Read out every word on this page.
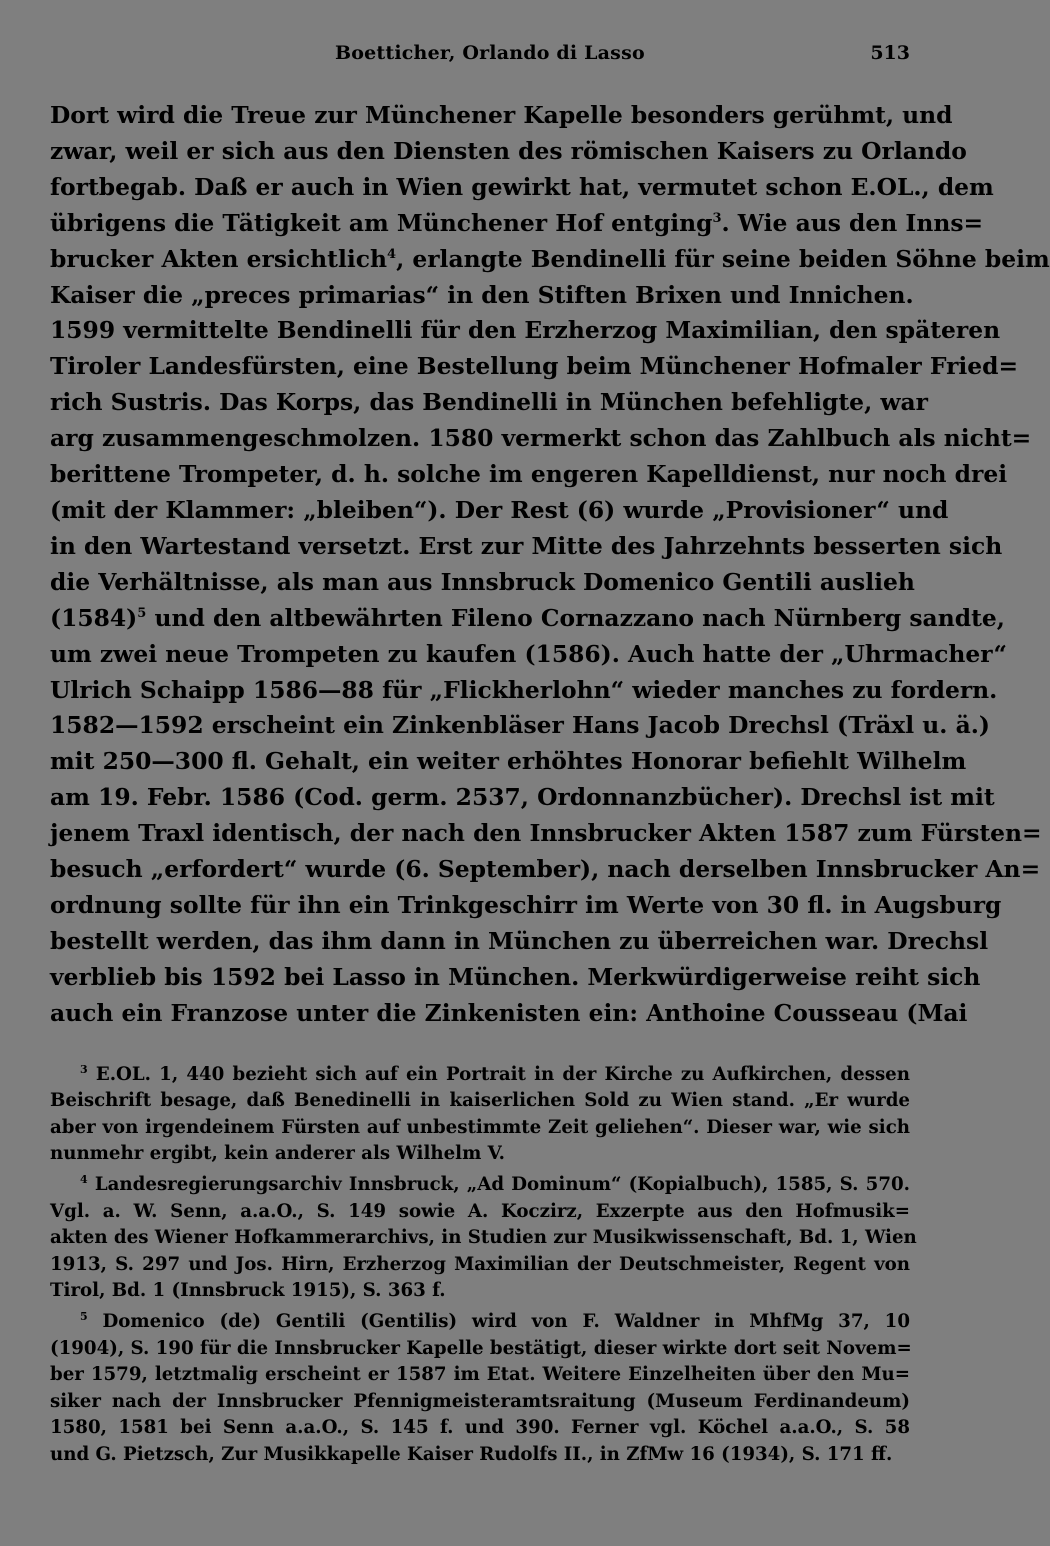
Boetticher, Orlando di Lasso	513
Dort wird die Treue zur Münchener Kapelle besonders gerühmt, und
zwar, weil er sich aus den Diensten des römischen Kaisers zu Orlando
fortbegab. Daß er auch in Wien gewirkt hat, vermutet schon E.OL., dem
übrigens die Tätigkeit am Münchener Hof entging$^3$. Wie aus den Inns=
brucker Akten ersichtlich$^4$, erlangte Bendinelli für seine beiden Söhne beim
Kaiser die „preces primarias“ in den Stiften Brixen und Innichen.
1599 vermittelte Bendinelli für den Erzherzog Maximilian, den späteren
Tiroler Landesfürsten, eine Bestellung beim Münchener Hofmaler Fried=
rich Sustris. Das Korps, das Bendinelli in München befehligte, war
arg zusammengeschmolzen. 1580 vermerkt schon das Zahlbuch als nicht=
berittene Trompeter, d. h. solche im engeren Kapelldienst, nur noch drei
(mit der Klammer: „bleiben“). Der Rest (6) wurde „Provisioner“ und
in den Wartestand versetzt. Erst zur Mitte des Jahrzehnts besserten sich
die Verhältnisse, als man aus Innsbruck Domenico Gentili auslieh
$(1584)^5$ und den altbewährten Fileno Cornazzano nach Nürnberg sandte,
um zwei neue Trompeten zu kaufen (1586). Auch hatte der „Uhrmacher“
Ulrich Schaipp 1586—88 für „Flickherlohn“ wieder manches zu fordern.
1582—1592 erscheint ein Zinkenbläser Hans Jacob Drechsl (Träxl u. ä.)
mit 250—300 fl. Gehalt, ein weiter erhöhtes Honorar befiehlt Wilhelm
am 19. Febr. 1586 (Cod. germ. 2537, Ordonnanzbücher). Drechsl ist mit
jenem Traxl identisch, der nach den Innsbrucker Akten 1587 zum Fürsten=
besuch „erfordert“ wurde (6. September), nach derselben Innsbrucker An=
ordnung sollte für ihn ein Trinkgeschirr im Werte von 30 fl. in Augsburg
bestellt werden, das ihm dann in München zu überreichen war. Drechsl
verblieb bis 1592 bei Lasso in München. Merkwürdigerweise reiht sich
auch ein Franzose unter die Zinkenisten ein: Anthoine Cousseau (Mai
$^3$ E.OL. 1, 440 bezieht sich auf ein Portrait in der Kirche zu Aufkirchen, dessen
Beischrift besage, daß Benedinelli in kaiserlichen Sold zu Wien stand. „Er wurde
aber von irgendeinem Fürsten auf unbestimmte Zeit geliehen“. Dieser war, wie sich
nunmehr ergibt, kein anderer als Wilhelm V.
$^4$ Landesregierungsarchiv Innsbruck, „Ad Dominum“ (Kopialbuch), 1585, S. 570.
Vgl. a. W. Senn, a.a.O., S. 149 sowie A. Koczirz, Exzerpte aus den Hofmusik=
akten des Wiener Hofkammerarchivs, in Studien zur Musikwissenschaft, Bd. 1, Wien
1913, S. 297 und Jos. Hirn, Erzherzog Maximilian der Deutschmeister, Regent von
Tirol, Bd. 1 (Innsbruck 1915), S. 363 f.
$^5$ Domenico (de) Gentili (Gentilis) wird von F. Waldner in MhfMg 37, 10
(1904), S. 190 für die Innsbrucker Kapelle bestätigt, dieser wirkte dort seit Novem=
ber 1579, letztmalig erscheint er 1587 im Etat. Weitere Einzelheiten über den Mu=
siker nach der Innsbrucker Pfennigmeisteramtsraitung (Museum Ferdinandeum)
1580, 1581 bei Senn a.a.O., S. 145 f. und 390. Ferner vgl. Köchel a.a.O., S. 58
und G. Pietzsch, Zur Musikkapelle Kaiser Rudolfs II., in ZfMw 16 (1934), S. 171 ff.
